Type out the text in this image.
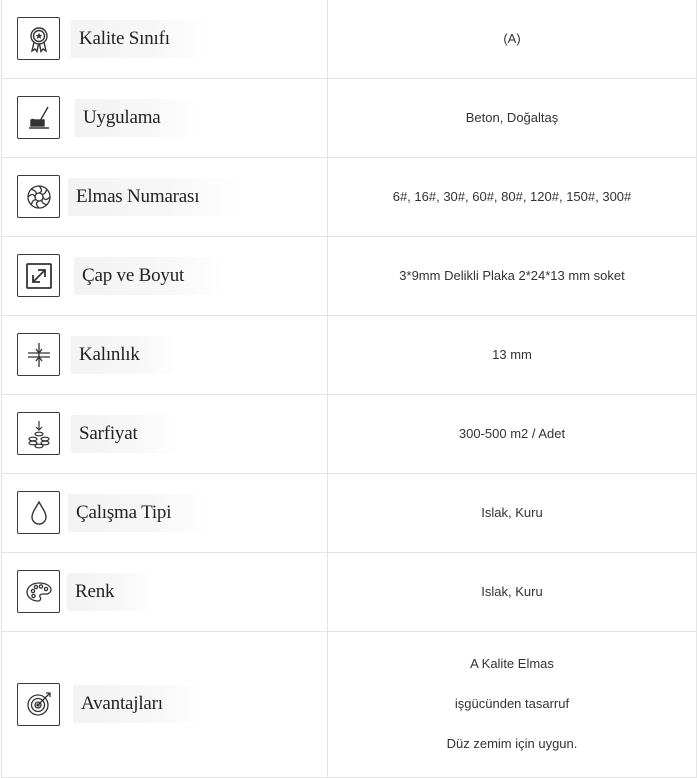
Kalite Sınıfı	(A)

Uygulama	Beton, Doğaltaş

Elmas Numarası	6#, 16#, 30#, 60#, 80#, 120#, 150#, 300#

Çap ve Boyut	3*9mm Delikli Plaka 2*24*13 mm soket

Kalınlık	13 mm

Sarfiyat	300-500 m2 / Adet

Çalışma Tipi	Islak, Kuru

Renk	Islak, Kuru

Avantajları	A Kalite Elmas
işgücünden tasarruf
Düz zemim için uygun.
